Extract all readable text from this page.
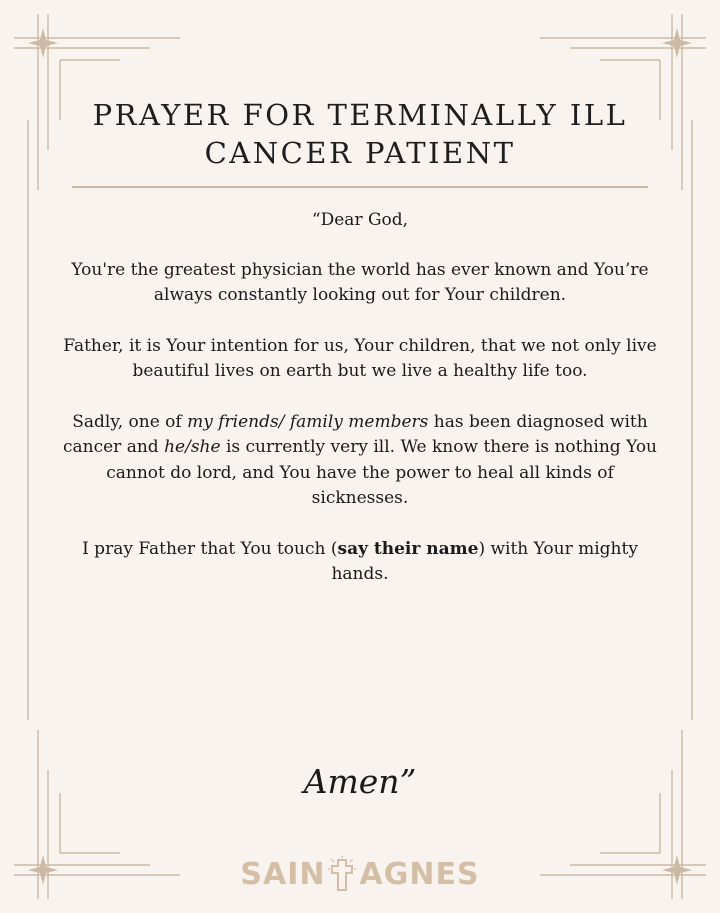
PRAYER FOR TERMINALLY ILL
CANCER PATIENT

“Dear God,

You're the greatest physician the world has ever known and You’re always constantly looking out for Your children.

Father, it is Your intention for us, Your children, that we not only live beautiful lives on earth but we live a healthy life too.

Sadly, one of my friends/ family members has been diagnosed with cancer and he/she is currently very ill. We know there is nothing You cannot do lord, and You have the power to heal all kinds of sicknesses.

I pray Father that You touch (say their name) with Your mighty hands.

Amen”
SAIN AGNES
